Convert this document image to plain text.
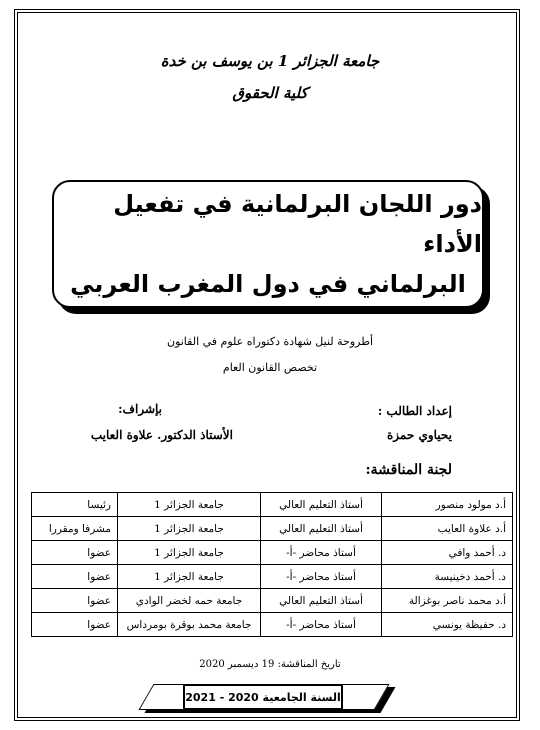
جامعة الجزائر 1 بن يوسف بن خدة
كلية الحقوق
دور اللجان البرلمانية في تفعيل الأداء
البرلماني في دول المغرب العربي
أطروحة لنيل شهادة دكتوراه علوم في القانون
تخصص القانون العام
إعداد الطالب :
يحياوي حمزة
بإشراف:
الأستاذ الدكتور. علاوة العايب
لجنة المناقشة:
أ.د مولود منصور	أستاذ التعليم العالي	جامعة الجزائر 1	رئيسا
أ.د علاوة العايب	أستاذ التعليم العالي	جامعة الجزائر 1	مشرفا ومقررا
د. أحمد وافي	أستاذ محاضر -أ-	جامعة الجزائر 1	عضوا
د. أحمد دخينيسة	أستاذ محاضر -أ-	جامعة الجزائر 1	عضوا
أ.د محمد ناصر بوغزالة	أستاذ التعليم العالي	جامعة حمه لخضر الوادي	عضوا
د. حفيظة يونسي	أستاذ محاضر -أ-	جامعة محمد بوقرة بومرداس	عضوا
تاريخ المناقشة: 19 ديسمبر 2020
السنة الجامعية 2020 - 2021
